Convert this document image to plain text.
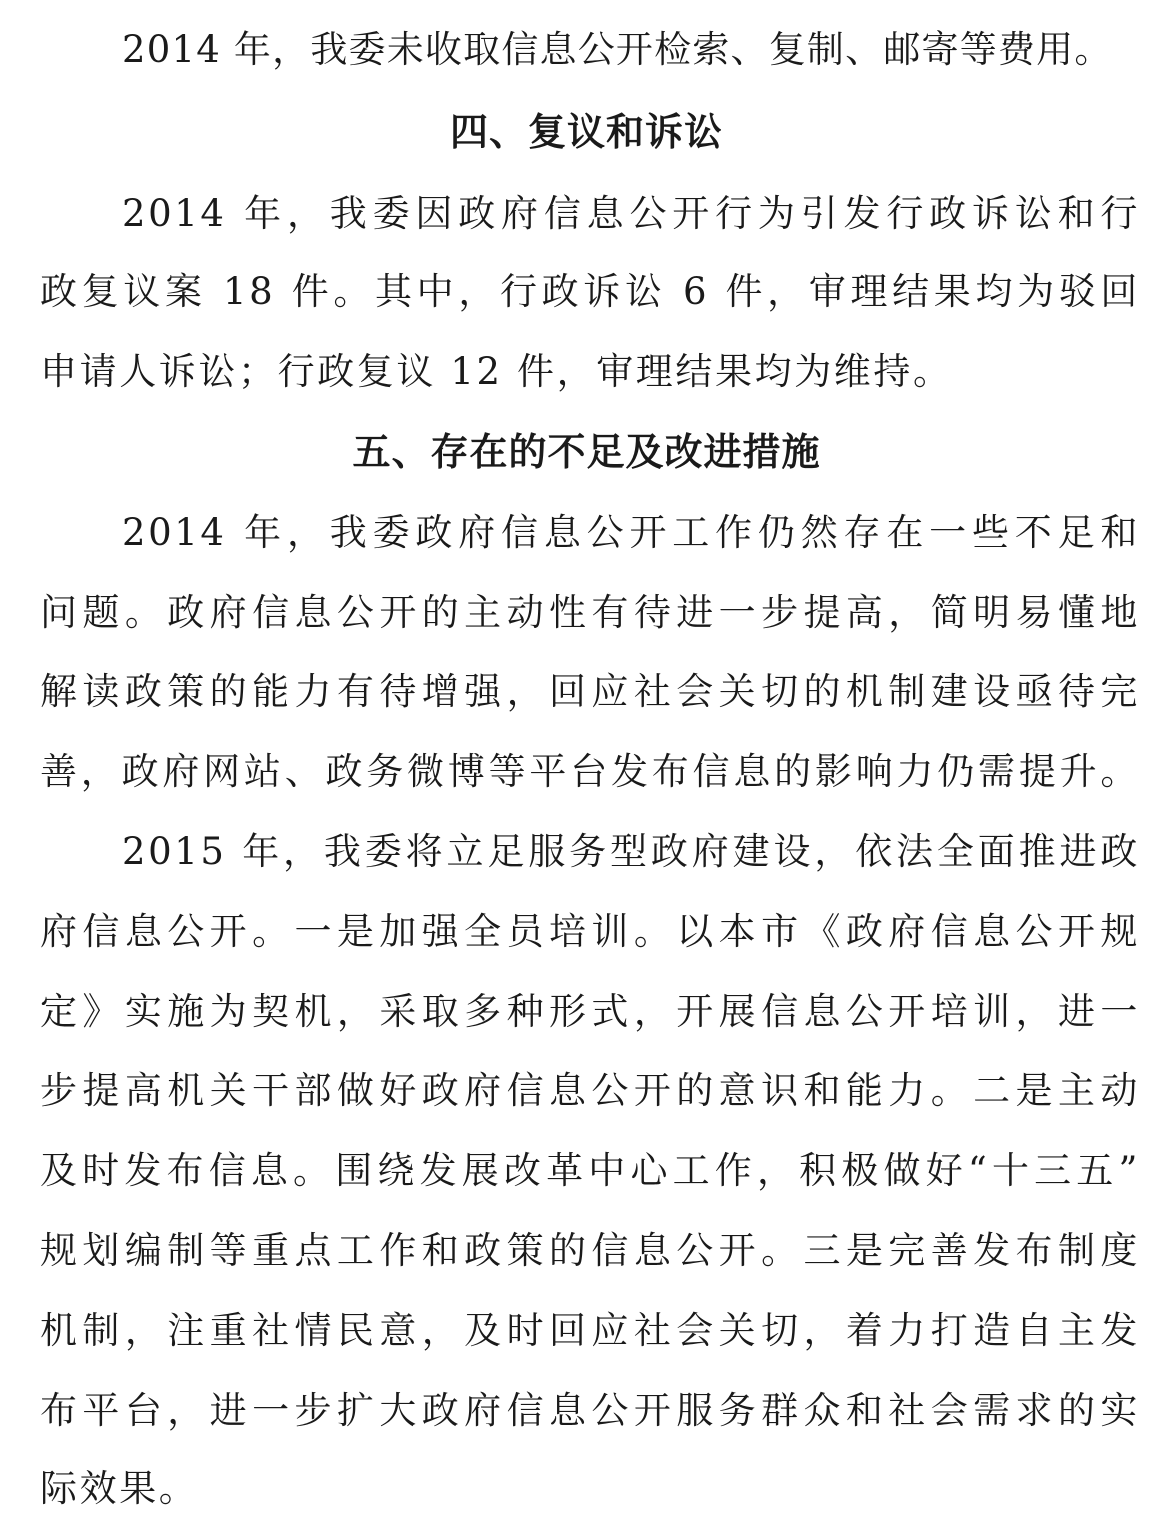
2014 年，我委未收取信息公开检索、复制、邮寄等费用。
四、复议和诉讼
2014 年，我委因政府信息公开行为引发行政诉讼和行
政复议案 18 件。其中，行政诉讼 6 件，审理结果均为驳回
申请人诉讼；行政复议 12 件，审理结果均为维持。
五、存在的不足及改进措施
2014 年，我委政府信息公开工作仍然存在一些不足和
问题。政府信息公开的主动性有待进一步提高，简明易懂地
解读政策的能力有待增强，回应社会关切的机制建设亟待完
善，政府网站、政务微博等平台发布信息的影响力仍需提升。
2015 年，我委将立足服务型政府建设，依法全面推进政
府信息公开。一是加强全员培训。以本市《政府信息公开规
定》实施为契机，采取多种形式，开展信息公开培训，进一
步提高机关干部做好政府信息公开的意识和能力。二是主动
及时发布信息。围绕发展改革中心工作，积极做好“十三五”
规划编制等重点工作和政策的信息公开。三是完善发布制度
机制，注重社情民意，及时回应社会关切，着力打造自主发
布平台，进一步扩大政府信息公开服务群众和社会需求的实
际效果。
